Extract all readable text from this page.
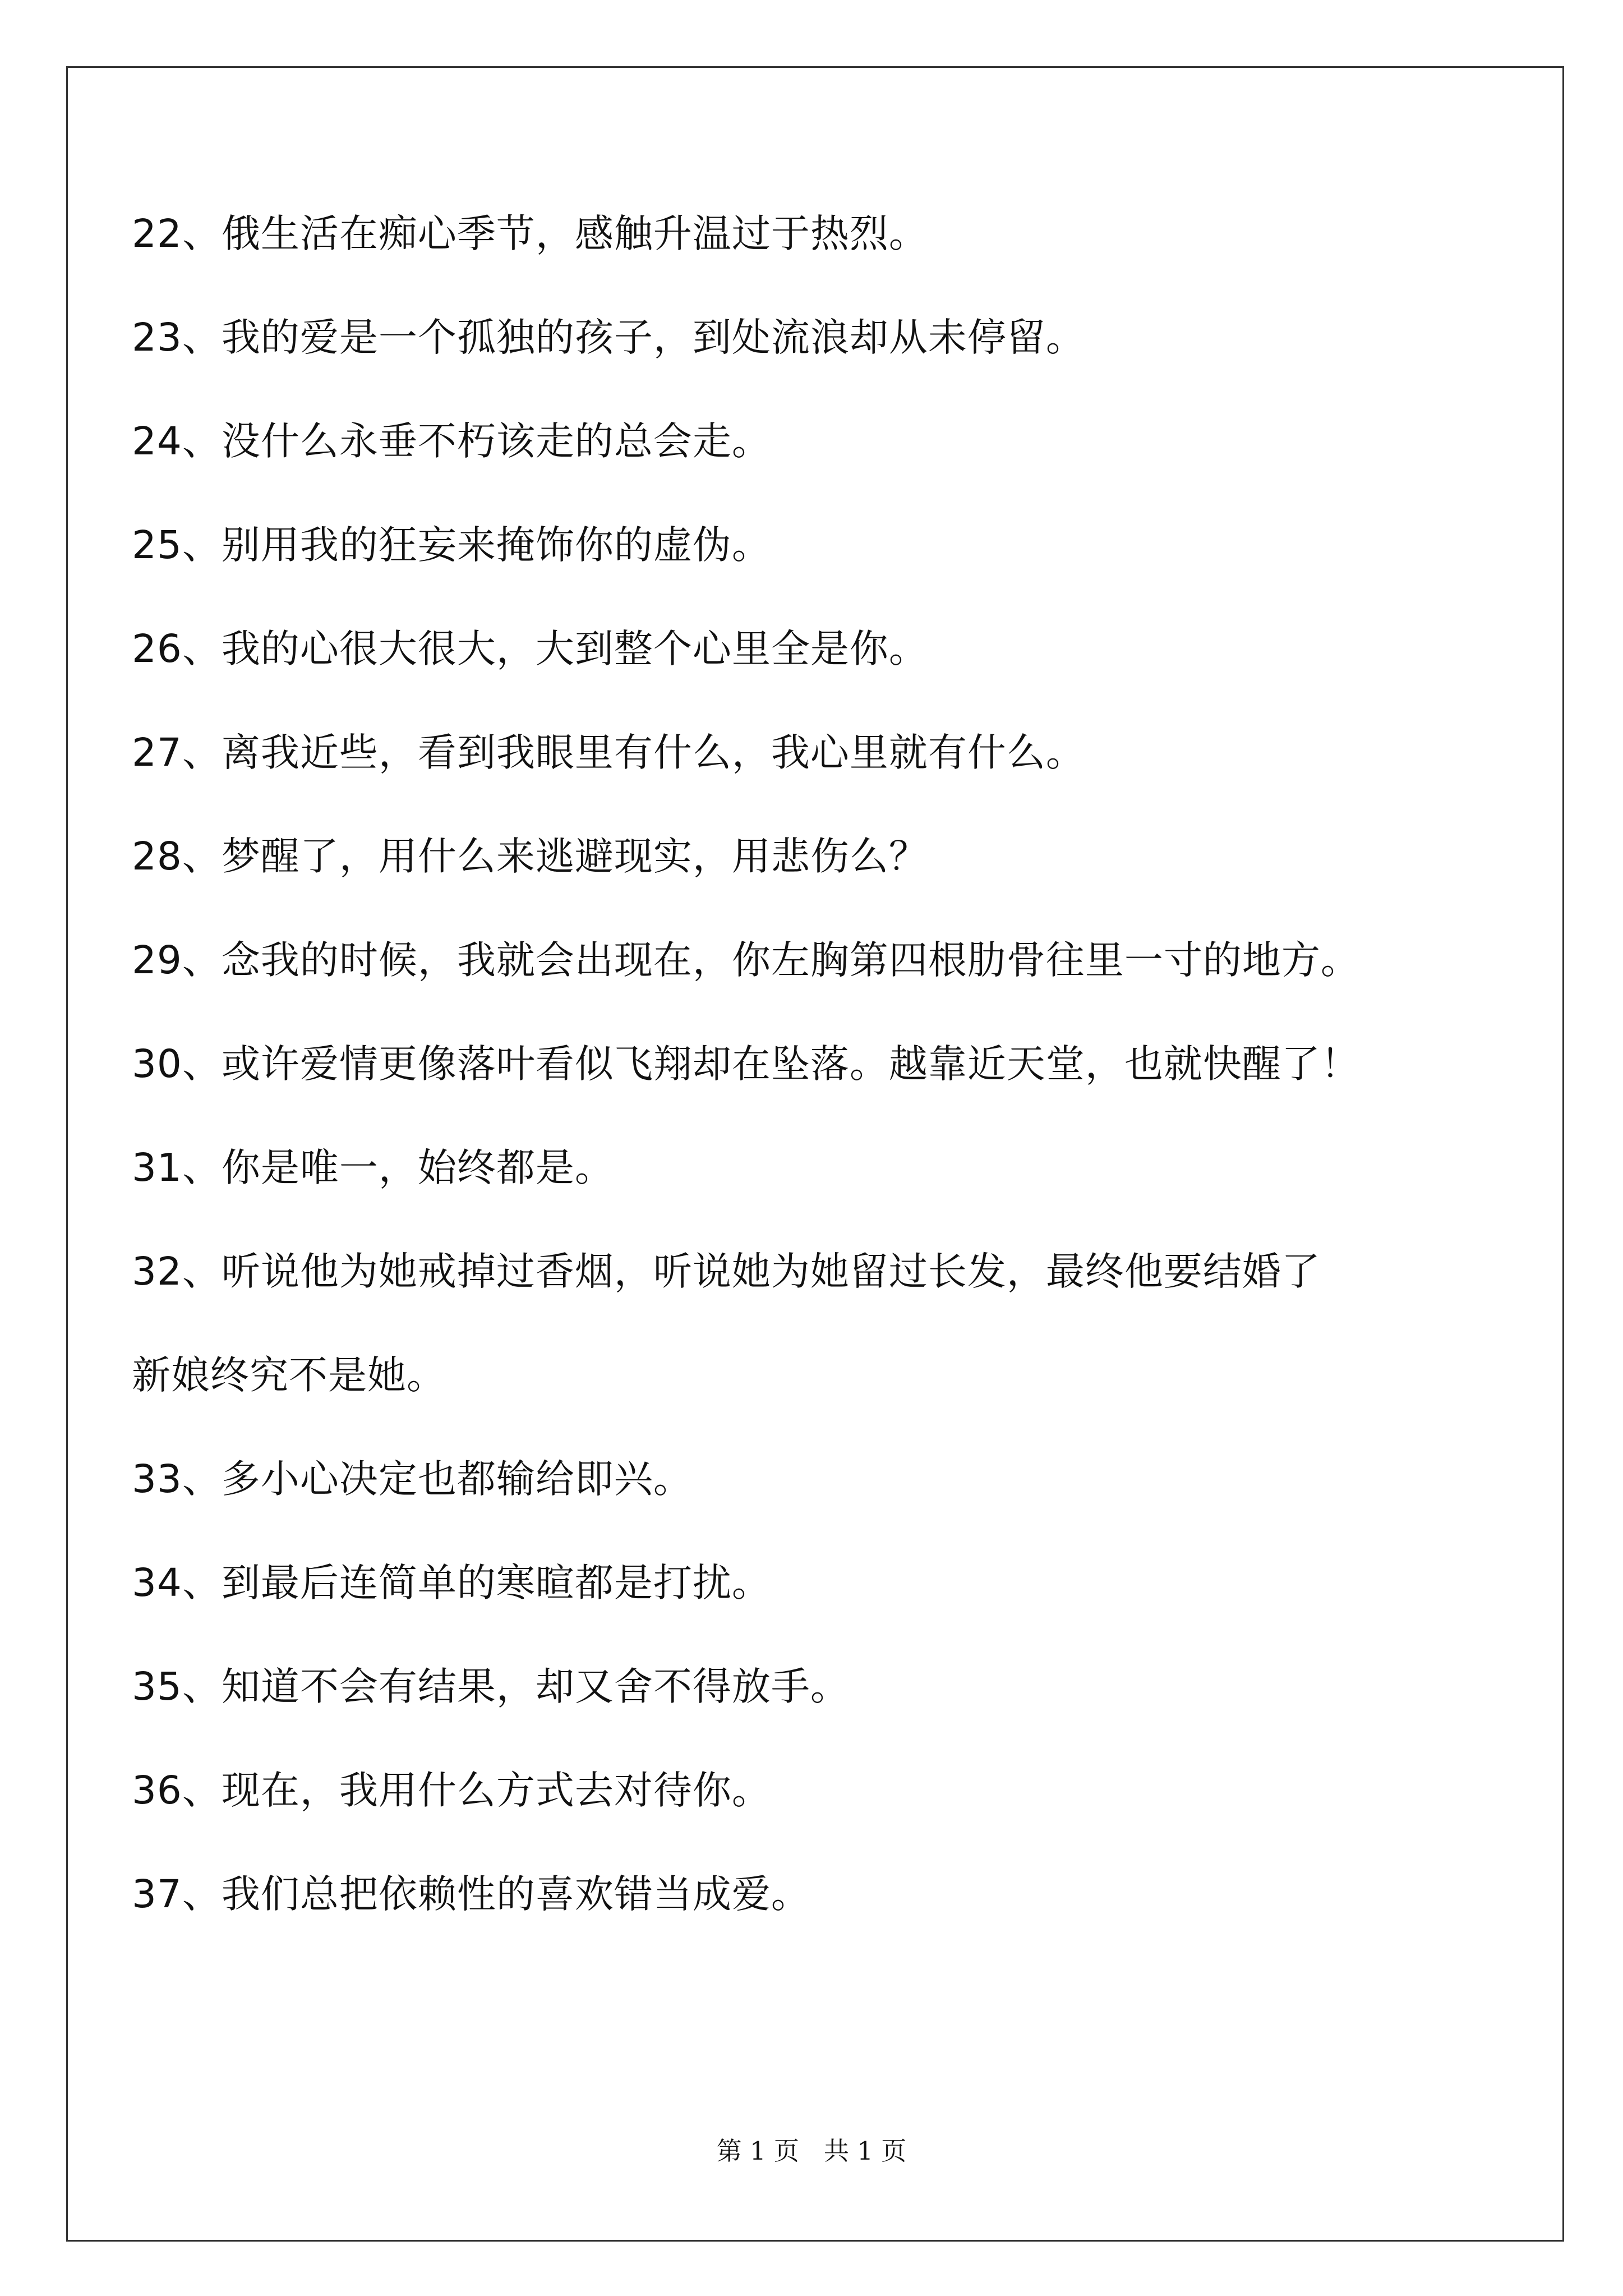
22、俄生活在痴心季节，感触升温过于热烈。
23、我的爱是一个孤独的孩子，到处流浪却从未停留。
24、没什么永垂不朽该走的总会走。
25、别用我的狂妄来掩饰你的虚伪。
26、我的心很大很大，大到整个心里全是你。
27、离我近些，看到我眼里有什么，我心里就有什么。
28、梦醒了，用什么来逃避现实，用悲伤么？
29、念我的时候，我就会出现在，你左胸第四根肋骨往里一寸的地方。
30、或许爱情更像落叶看似飞翔却在坠落。越靠近天堂，也就快醒了！
31、你是唯一，始终都是。
32、听说他为她戒掉过香烟，听说她为她留过长发，最终他要结婚了
新娘终究不是她。
33、多小心决定也都输给即兴。
34、到最后连简单的寒暄都是打扰。
35、知道不会有结果，却又舍不得放手。
36、现在，我用什么方式去对待你。
37、我们总把依赖性的喜欢错当成爱。
第 1 页 共 1 页
